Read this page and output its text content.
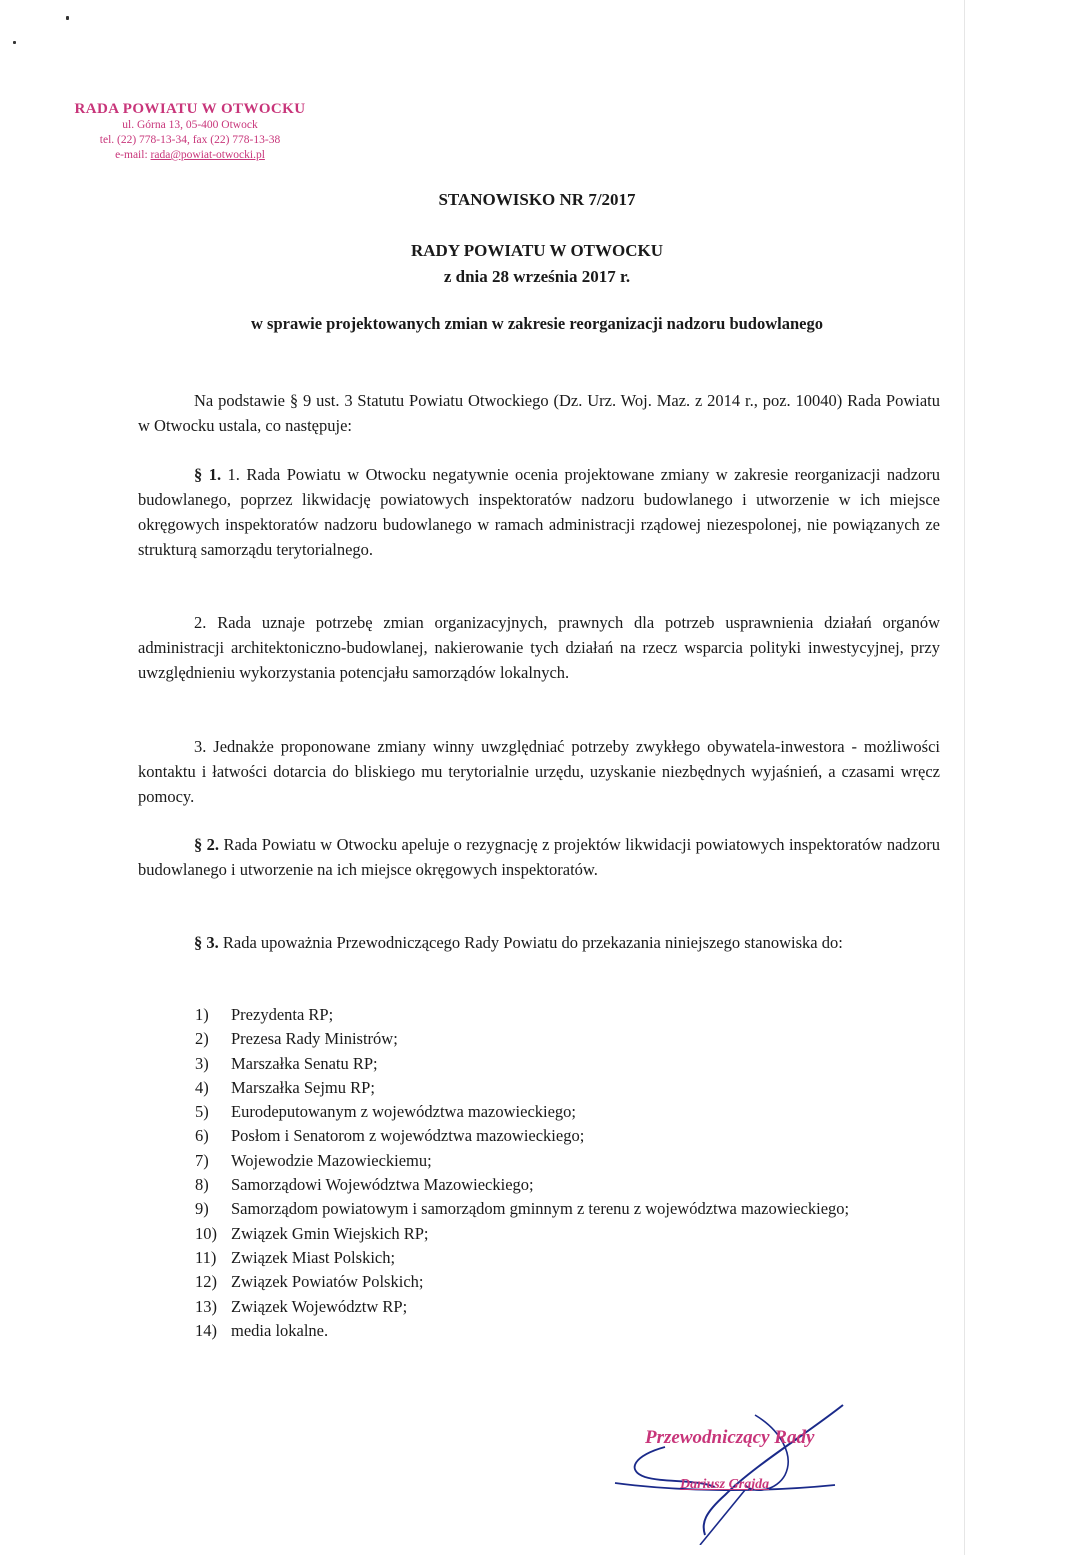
RADA POWIATU W OTWOCKU
ul. Górna 13, 05-400 Otwock
tel. (22) 778-13-34, fax (22) 778-13-38
e-mail: rada@powiat-otwocki.pl
STANOWISKO NR 7/2017
RADY POWIATU W OTWOCKU
z dnia 28 września 2017 r.
w sprawie projektowanych zmian w zakresie reorganizacji nadzoru budowlanego
Na podstawie § 9 ust. 3 Statutu Powiatu Otwockiego (Dz. Urz. Woj. Maz. z 2014 r., poz. 10040) Rada Powiatu w Otwocku ustala, co następuje:
§ 1. 1. Rada Powiatu w Otwocku negatywnie ocenia projektowane zmiany w zakresie reorganizacji nadzoru budowlanego, poprzez likwidację powiatowych inspektoratów nadzoru budowlanego i utworzenie w ich miejsce okręgowych inspektoratów nadzoru budowlanego w ramach administracji rządowej niezespolonej, nie powiązanych ze strukturą samorządu terytorialnego.
2. Rada uznaje potrzebę zmian organizacyjnych, prawnych dla potrzeb usprawnienia działań organów administracji architektoniczno-budowlanej, nakierowanie tych działań na rzecz wsparcia polityki inwestycyjnej, przy uwzględnieniu wykorzystania potencjału samorządów lokalnych.
3. Jednakże proponowane zmiany winny uwzględniać potrzeby zwykłego obywatela-inwestora - możliwości kontaktu i łatwości dotarcia do bliskiego mu terytorialnie urzędu, uzyskanie niezbędnych wyjaśnień, a czasami wręcz pomocy.
§ 2. Rada Powiatu w Otwocku apeluje o rezygnację z projektów likwidacji powiatowych inspektoratów nadzoru budowlanego i utworzenie na ich miejsce okręgowych inspektoratów.
§ 3. Rada upoważnia Przewodniczącego Rady Powiatu do przekazania niniejszego stanowiska do:
1)	Prezydenta RP;
2)	Prezesa Rady Ministrów;
3)	Marszałka Senatu RP;
4)	Marszałka Sejmu RP;
5)	Eurodeputowanym z województwa mazowieckiego;
6)	Posłom i Senatorom z województwa mazowieckiego;
7)	Wojewodzie Mazowieckiemu;
8)	Samorządowi Województwa Mazowieckiego;
9)	Samorządom powiatowym i samorządom gminnym z terenu z województwa mazowieckiego;
10) Związek Gmin Wiejskich RP;
11) Związek Miast Polskich;
12) Związek Powiatów Polskich;
13) Związek Województw RP;
14) media lokalne.
Przewodniczący Rady
Dariusz Grajda
